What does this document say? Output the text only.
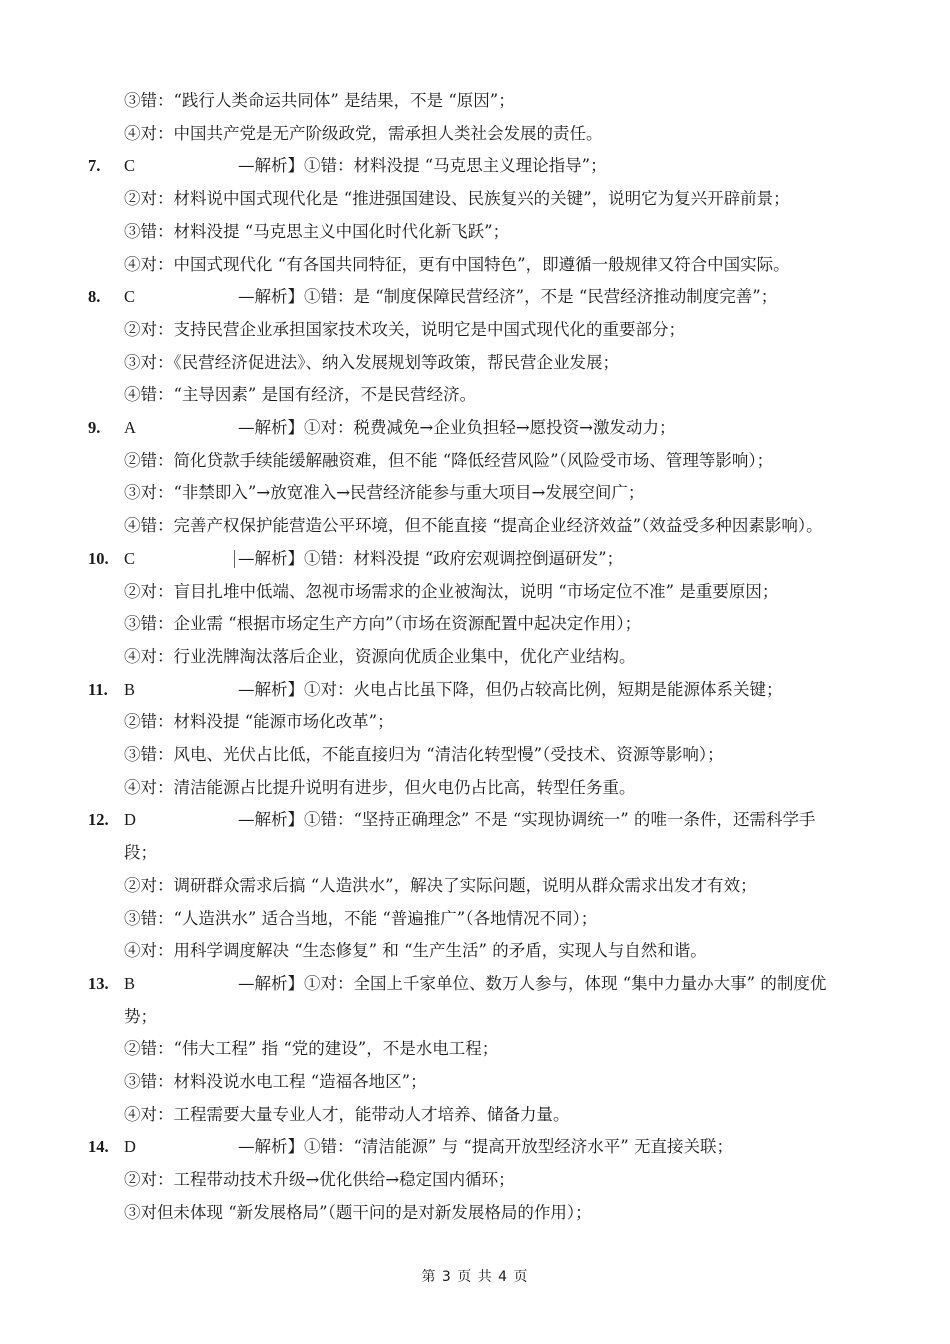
③错：“践行人类命运共同体” 是结果，不是 “原因”；
④对：中国共产党是无产阶级政党，需承担人类社会发展的责任。
7.	C	—解析】①错：材料没提 “马克思主义理论指导”；
②对：材料说中国式现代化是 “推进强国建设、民族复兴的关键”，说明它为复兴开辟前景；
③错：材料没提 “马克思主义中国化时代化新飞跃”；
④对：中国式现代化 “有各国共同特征，更有中国特色”，即遵循一般规律又符合中国实际。
8.	C	—解析】①错：是 “制度保障民营经济”，不是 “民营经济推动制度完善”；
②对：支持民营企业承担国家技术攻关，说明它是中国式现代化的重要部分；
③对：《民营经济促进法》、纳入发展规划等政策，帮民营企业发展；
④错：“主导因素” 是国有经济，不是民营经济。
9.	A	—解析】①对：税费减免→企业负担轻→愿投资→激发动力；
②错：简化贷款手续能缓解融资难，但不能 “降低经营风险”（风险受市场、管理等影响）；
③对：“非禁即入”→放宽准入→民营经济能参与重大项目→发展空间广；
④错：完善产权保护能营造公平环境，但不能直接 “提高企业经济效益”（效益受多种因素影响）。
10. C	—解析】①错：材料没提 “政府宏观调控倒逼研发”；
②对：盲目扎堆中低端、忽视市场需求的企业被淘汰，说明 “市场定位不准” 是重要原因；
③错：企业需 “根据市场定生产方向”（市场在资源配置中起决定作用）；
④对：行业洗牌淘汰落后企业，资源向优质企业集中，优化产业结构。
11. B	—解析】①对：火电占比虽下降，但仍占较高比例，短期是能源体系关键；
②错：材料没提 “能源市场化改革”；
③错：风电、光伏占比低，不能直接归为 “清洁化转型慢”（受技术、资源等影响）；
④对：清洁能源占比提升说明有进步，但火电仍占比高，转型任务重。
12. D	—解析】①错：“坚持正确理念” 不是 “实现协调统一” 的唯一条件，还需科学手
段；
②对：调研群众需求后搞 “人造洪水”，解决了实际问题，说明从群众需求出发才有效；
③错：“人造洪水” 适合当地，不能 “普遍推广”（各地情况不同）；
④对：用科学调度解决 “生态修复” 和 “生产生活” 的矛盾，实现人与自然和谐。
13. B	—解析】①对：全国上千家单位、数万人参与，体现 “集中力量办大事” 的制度优
势；
②错：“伟大工程” 指 “党的建设”，不是水电工程；
③错：材料没说水电工程 “造福各地区”；
④对：工程需要大量专业人才，能带动人才培养、储备力量。
14. D	—解析】①错：“清洁能源” 与 “提高开放型经济水平” 无直接关联；
②对：工程带动技术升级→优化供给→稳定国内循环；
③对但未体现 “新发展格局”（题干问的是对新发展格局的作用）；
第 3 页 共 4 页
